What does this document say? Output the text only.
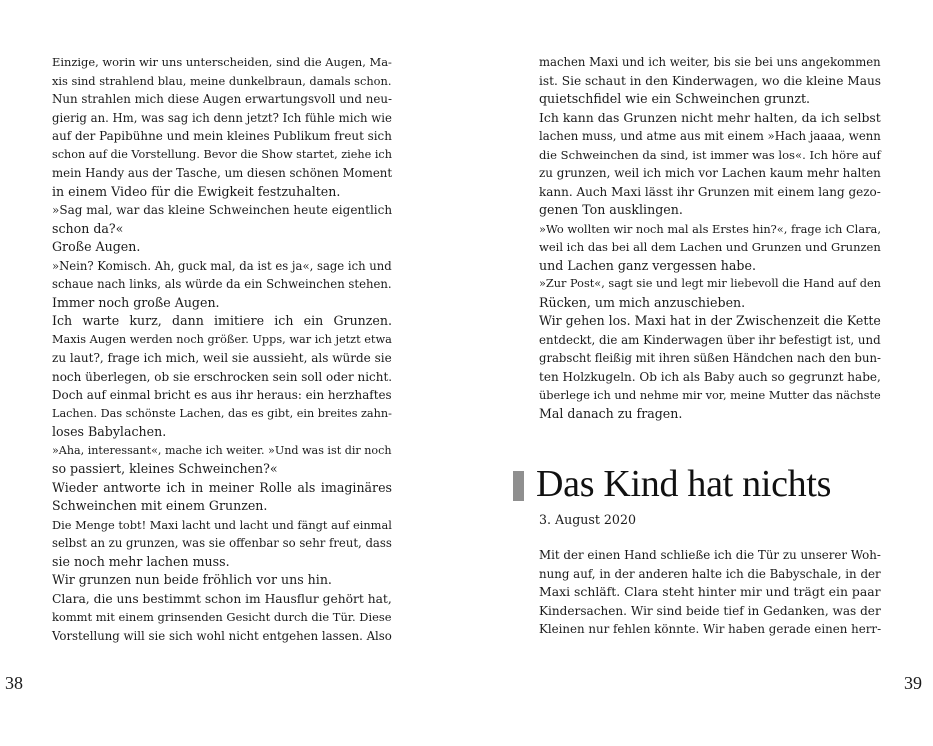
Einzige, worin wir uns unterscheiden, sind die Augen, Ma-
xis sind strahlend blau, meine dunkelbraun, damals schon.
Nun strahlen mich diese Augen erwartungsvoll und neu-
gierig an. Hm, was sag ich denn jetzt? Ich fühle mich wie
auf der Papibühne und mein kleines Publikum freut sich
schon auf die Vorstellung. Bevor die Show startet, ziehe ich
mein Handy aus der Tasche, um diesen schönen Moment
in einem Video für die Ewigkeit festzuhalten.
»Sag mal, war das kleine Schweinchen heute eigentlich
schon da?«
Große Augen.
»Nein? Komisch. Ah, guck mal, da ist es ja«, sage ich und
schaue nach links, als würde da ein Schweinchen stehen.
Immer noch große Augen.
Ich warte kurz, dann imitiere ich ein Grunzen.
Maxis Augen werden noch größer. Upps, war ich jetzt etwa
zu laut?, frage ich mich, weil sie aussieht, als würde sie
noch überlegen, ob sie erschrocken sein soll oder nicht.
Doch auf einmal bricht es aus ihr heraus: ein herzhaftes
Lachen. Das schönste Lachen, das es gibt, ein breites zahn-
loses Babylachen.
»Aha, interessant«, mache ich weiter. »Und was ist dir noch
so passiert, kleines Schweinchen?«
Wieder antworte ich in meiner Rolle als imaginäres
Schweinchen mit einem Grunzen.
Die Menge tobt! Maxi lacht und lacht und fängt auf einmal
selbst an zu grunzen, was sie offenbar so sehr freut, dass
sie noch mehr lachen muss.
Wir grunzen nun beide fröhlich vor uns hin.
Clara, die uns bestimmt schon im Hausflur gehört hat,
kommt mit einem grinsenden Gesicht durch die Tür. Diese
Vorstellung will sie sich wohl nicht entgehen lassen. Also
38
machen Maxi und ich weiter, bis sie bei uns angekommen
ist. Sie schaut in den Kinderwagen, wo die kleine Maus
quietschfidel wie ein Schweinchen grunzt.
Ich kann das Grunzen nicht mehr halten, da ich selbst
lachen muss, und atme aus mit einem »Hach jaaaa, wenn
die Schweinchen da sind, ist immer was los«. Ich höre auf
zu grunzen, weil ich mich vor Lachen kaum mehr halten
kann. Auch Maxi lässt ihr Grunzen mit einem lang gezo-
genen Ton ausklingen.
»Wo wollten wir noch mal als Erstes hin?«, frage ich Clara,
weil ich das bei all dem Lachen und Grunzen und Grunzen
und Lachen ganz vergessen habe.
»Zur Post«, sagt sie und legt mir liebevoll die Hand auf den
Rücken, um mich anzuschieben.
Wir gehen los. Maxi hat in der Zwischenzeit die Kette
entdeckt, die am Kinderwagen über ihr befestigt ist, und
grabscht fleißig mit ihren süßen Händchen nach den bun-
ten Holzkugeln. Ob ich als Baby auch so gegrunzt habe,
überlege ich und nehme mir vor, meine Mutter das nächste
Mal danach zu fragen.
Das Kind hat nichts
3. August 2020
Mit der einen Hand schließe ich die Tür zu unserer Woh-
nung auf, in der anderen halte ich die Babyschale, in der
Maxi schläft. Clara steht hinter mir und trägt ein paar
Kindersachen. Wir sind beide tief in Gedanken, was der
Kleinen nur fehlen könnte. Wir haben gerade einen herr-
39
